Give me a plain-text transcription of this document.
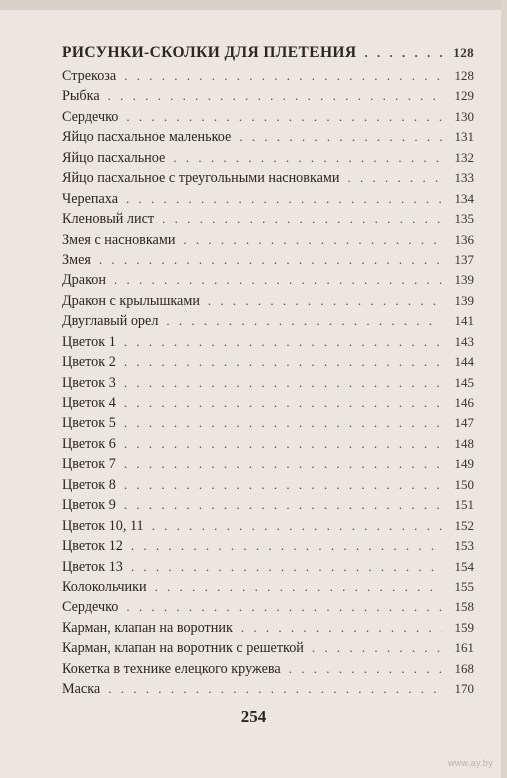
РИСУНКИ-СКОЛКИ ДЛЯ ПЛЕТЕНИЯ . . .	128
Стрекоза . . .	128
Рыбка . . .	129
Сердечко . . .	130
Яйцо пасхальное маленькое . . .	131
Яйцо пасхальное . . .	132
Яйцо пасхальное с треугольными насновками . . .	133
Черепаха . . .	134
Кленовый лист . . .	135
Змея с насновками . . .	136
Змея . . .	137
Дракон . . .	139
Дракон с крылышками . . .	139
Двуглавый орел . . .	141
Цветок 1 . . .	143
Цветок 2 . . .	144
Цветок 3 . . .	145
Цветок 4 . . .	146
Цветок 5 . . .	147
Цветок 6 . . .	148
Цветок 7 . . .	149
Цветок 8 . . .	150
Цветок 9 . . .	151
Цветок 10, 11 . . .	152
Цветок 12 . . .	153
Цветок 13 . . .	154
Колокольчики . . .	155
Сердечко . . .	158
Карман, клапан на воротник . . .	159
Карман, клапан на воротник с решеткой . . .	161
Кокетка в технике елецкого кружева . . .	168
Маска . . .	170
254
www.ay.by
